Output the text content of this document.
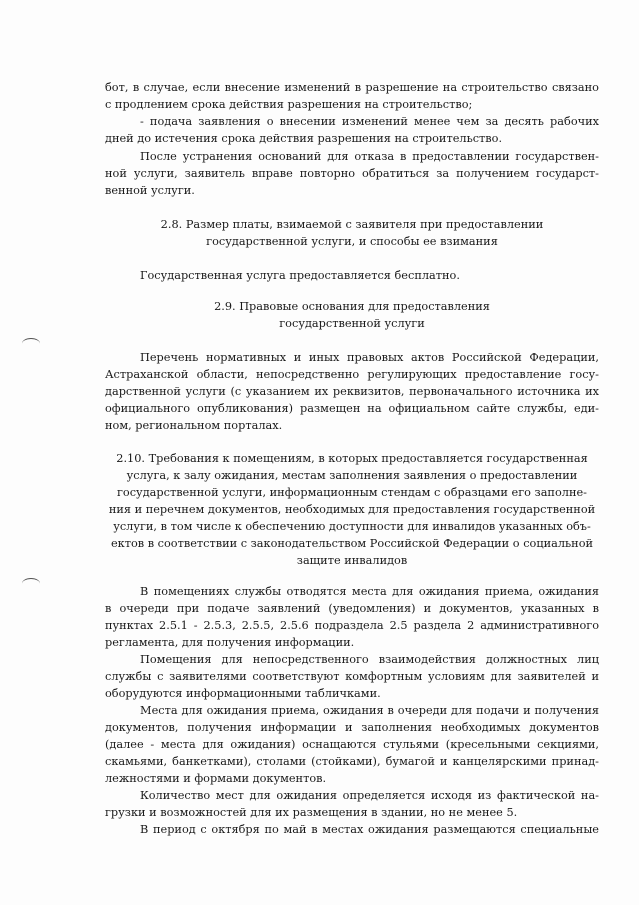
бот, в случае, если внесение изменений в разрешение на строительство связано

с продлением срока действия разрешения на строительство;

- подача заявления о внесении изменений менее чем за десять рабочих

дней до истечения срока действия разрешения на строительство.

После устранения оснований для отказа в предоставлении государствен-

ной услуги, заявитель вправе повторно обратиться за получением государст-

венной услуги.

2.8. Размер платы, взимаемой с заявителя при предоставлении

государственной услуги, и способы ее взимания

Государственная услуга предоставляется бесплатно.

2.9. Правовые основания для предоставления

государственной услуги

Перечень нормативных и иных правовых актов Российской Федерации,

Астраханской области, непосредственно регулирующих предоставление госу-

дарственной услуги (с указанием их реквизитов, первоначального источника их

официального опубликования) размещен на официальном сайте службы, еди-

ном, региональном порталах.

2.10. Требования к помещениям, в которых предоставляется государственная

услуга, к залу ожидания, местам заполнения заявления о предоставлении

государственной услуги, информационным стендам с образцами его заполне-

ния и перечнем документов, необходимых для предоставления государственной

услуги, в том числе к обеспечению доступности для инвалидов указанных объ-

ектов в соответствии с законодательством Российской Федерации о социальной

защите инвалидов

В помещениях службы отводятся места для ожидания приема, ожидания

в очереди при подаче заявлений (уведомления) и документов, указанных в

пунктах 2.5.1 - 2.5.3, 2.5.5, 2.5.6 подраздела 2.5 раздела 2 административного

регламента, для получения информации.

Помещения для непосредственного взаимодействия должностных лиц

службы с заявителями соответствуют комфортным условиям для заявителей и

оборудуются информационными табличками.

Места для ожидания приема, ожидания в очереди для подачи и получения

документов, получения информации и заполнения необходимых документов

(далее - места для ожидания) оснащаются стульями (кресельными секциями,

скамьями, банкетками), столами (стойками), бумагой и канцелярскими принад-

лежностями и формами документов.

Количество мест для ожидания определяется исходя из фактической на-

грузки и возможностей для их размещения в здании, но не менее 5.

В период с октября по май в местах ожидания размещаются специальные
